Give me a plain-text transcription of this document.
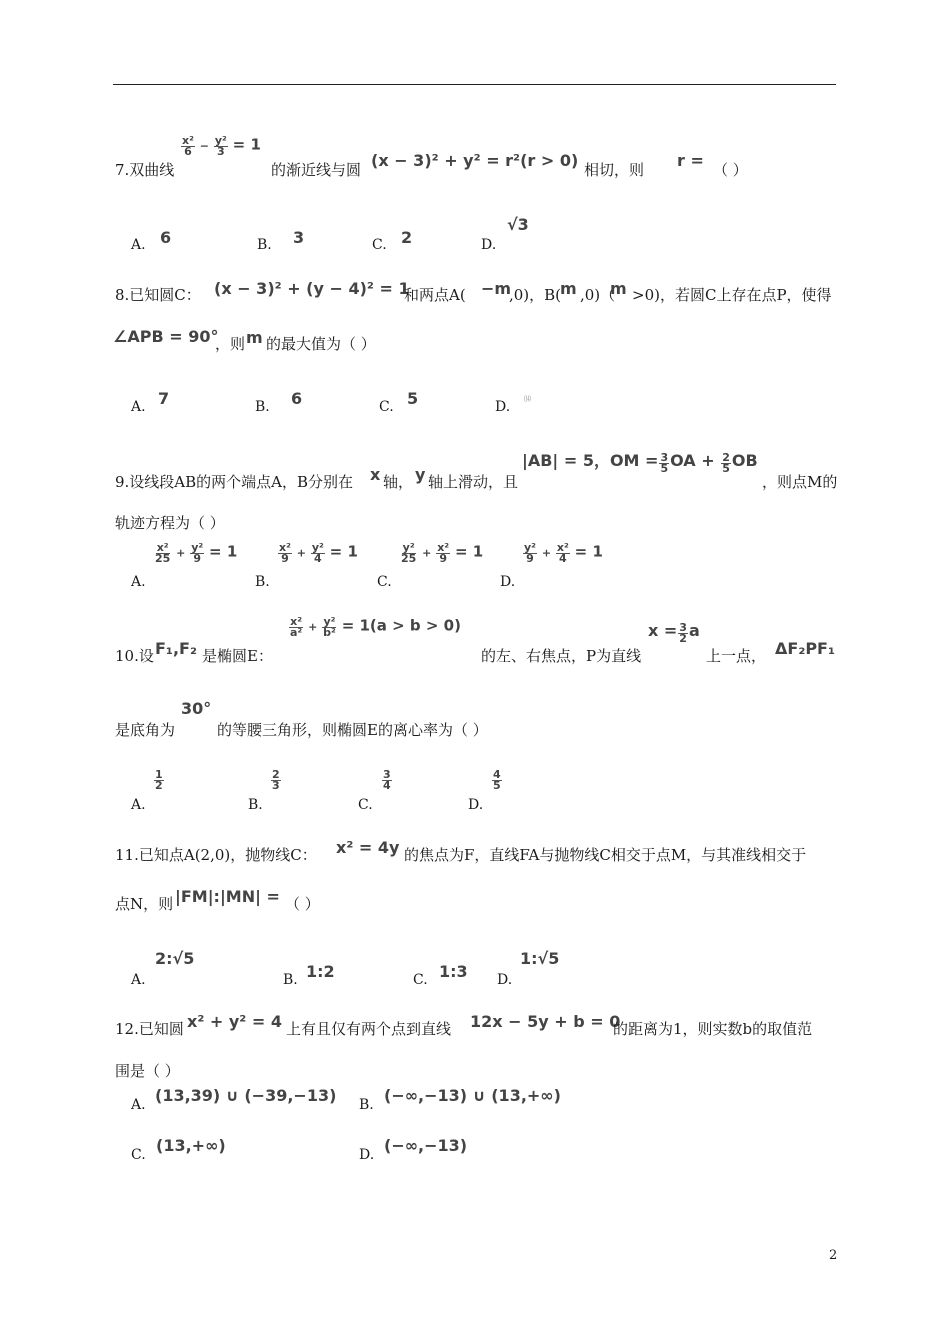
7.双曲线
$\frac{\text{x²}}{6} - \frac{\text{y²}}{3} = 1$
的渐近线与圆 (x − 3)² + y² = r²(r > 0) 相切，则 r = （ ）
A. 6	B. 3	C. 2	D.
√3
8.已知圆C： (x − 3)² + (y − 4)² = 1
和两点A( −m
,0)，B(
m ,0)（
m >0)，若圆C上存在点P，使得
∠APB = 90°
，则 m 的最大值为（ ）
A. 7	B. 6	C. 5	D. ⒁
9.设线段AB的两个端点A，B分别在 x 轴， y 轴上滑动，且
|AB| = 5，OM = $\frac{3}{5}$ OA + $\frac{2}{5}$ OB
，则点M的
轨迹方程为（ ）
A.
$\frac{\text{x²}}{25} + \frac{\text{y²}}{9} = 1$
B.
$\frac{\text{x²}}{9} + \frac{\text{y²}}{4} = 1$
C.
$\frac{\text{y²}}{25} + \frac{\text{x²}}{9} = 1$
D.
$\frac{\text{y²}}{9} + \frac{\text{x²}}{4} = 1$
10.设 F₁,F₂ 是椭圆E：
$\frac{\text{x²}}{\text{a²}} + \frac{\text{y²}}{\text{b²}} = 1(a > b > 0)$
的左、右焦点，P为直线
$x = \frac{3}{2}$ a
上一点， ΔF₂PF₁
是底角为
30°
的等腰三角形，则椭圆E的离心率为（ ）
A.
$\frac{1}{2}$
B.
$\frac{2}{3}$
C.
$\frac{3}{4}$
D.
$\frac{4}{5}$
11.已知点A(2,0)，抛物线C： x² = 4y 的焦点为F，直线FA与抛物线C相交于点M，与其准线相交于
点N，则 |FM|:|MN| = （ ）
A.
2:√5
B. 1:2	C. 1:3 D.
1:√5
12.已知圆 x² + y² = 4 上有且仅有两个点到直线 12x − 5y + b = 0
的距离为1，则实数b的取值范
围是（ ）
A. (13,39) ∪ (−39,−13) B. (−∞,−13) ∪ (13,+∞)
C. (13,+∞)	D. (−∞,−13)
2
